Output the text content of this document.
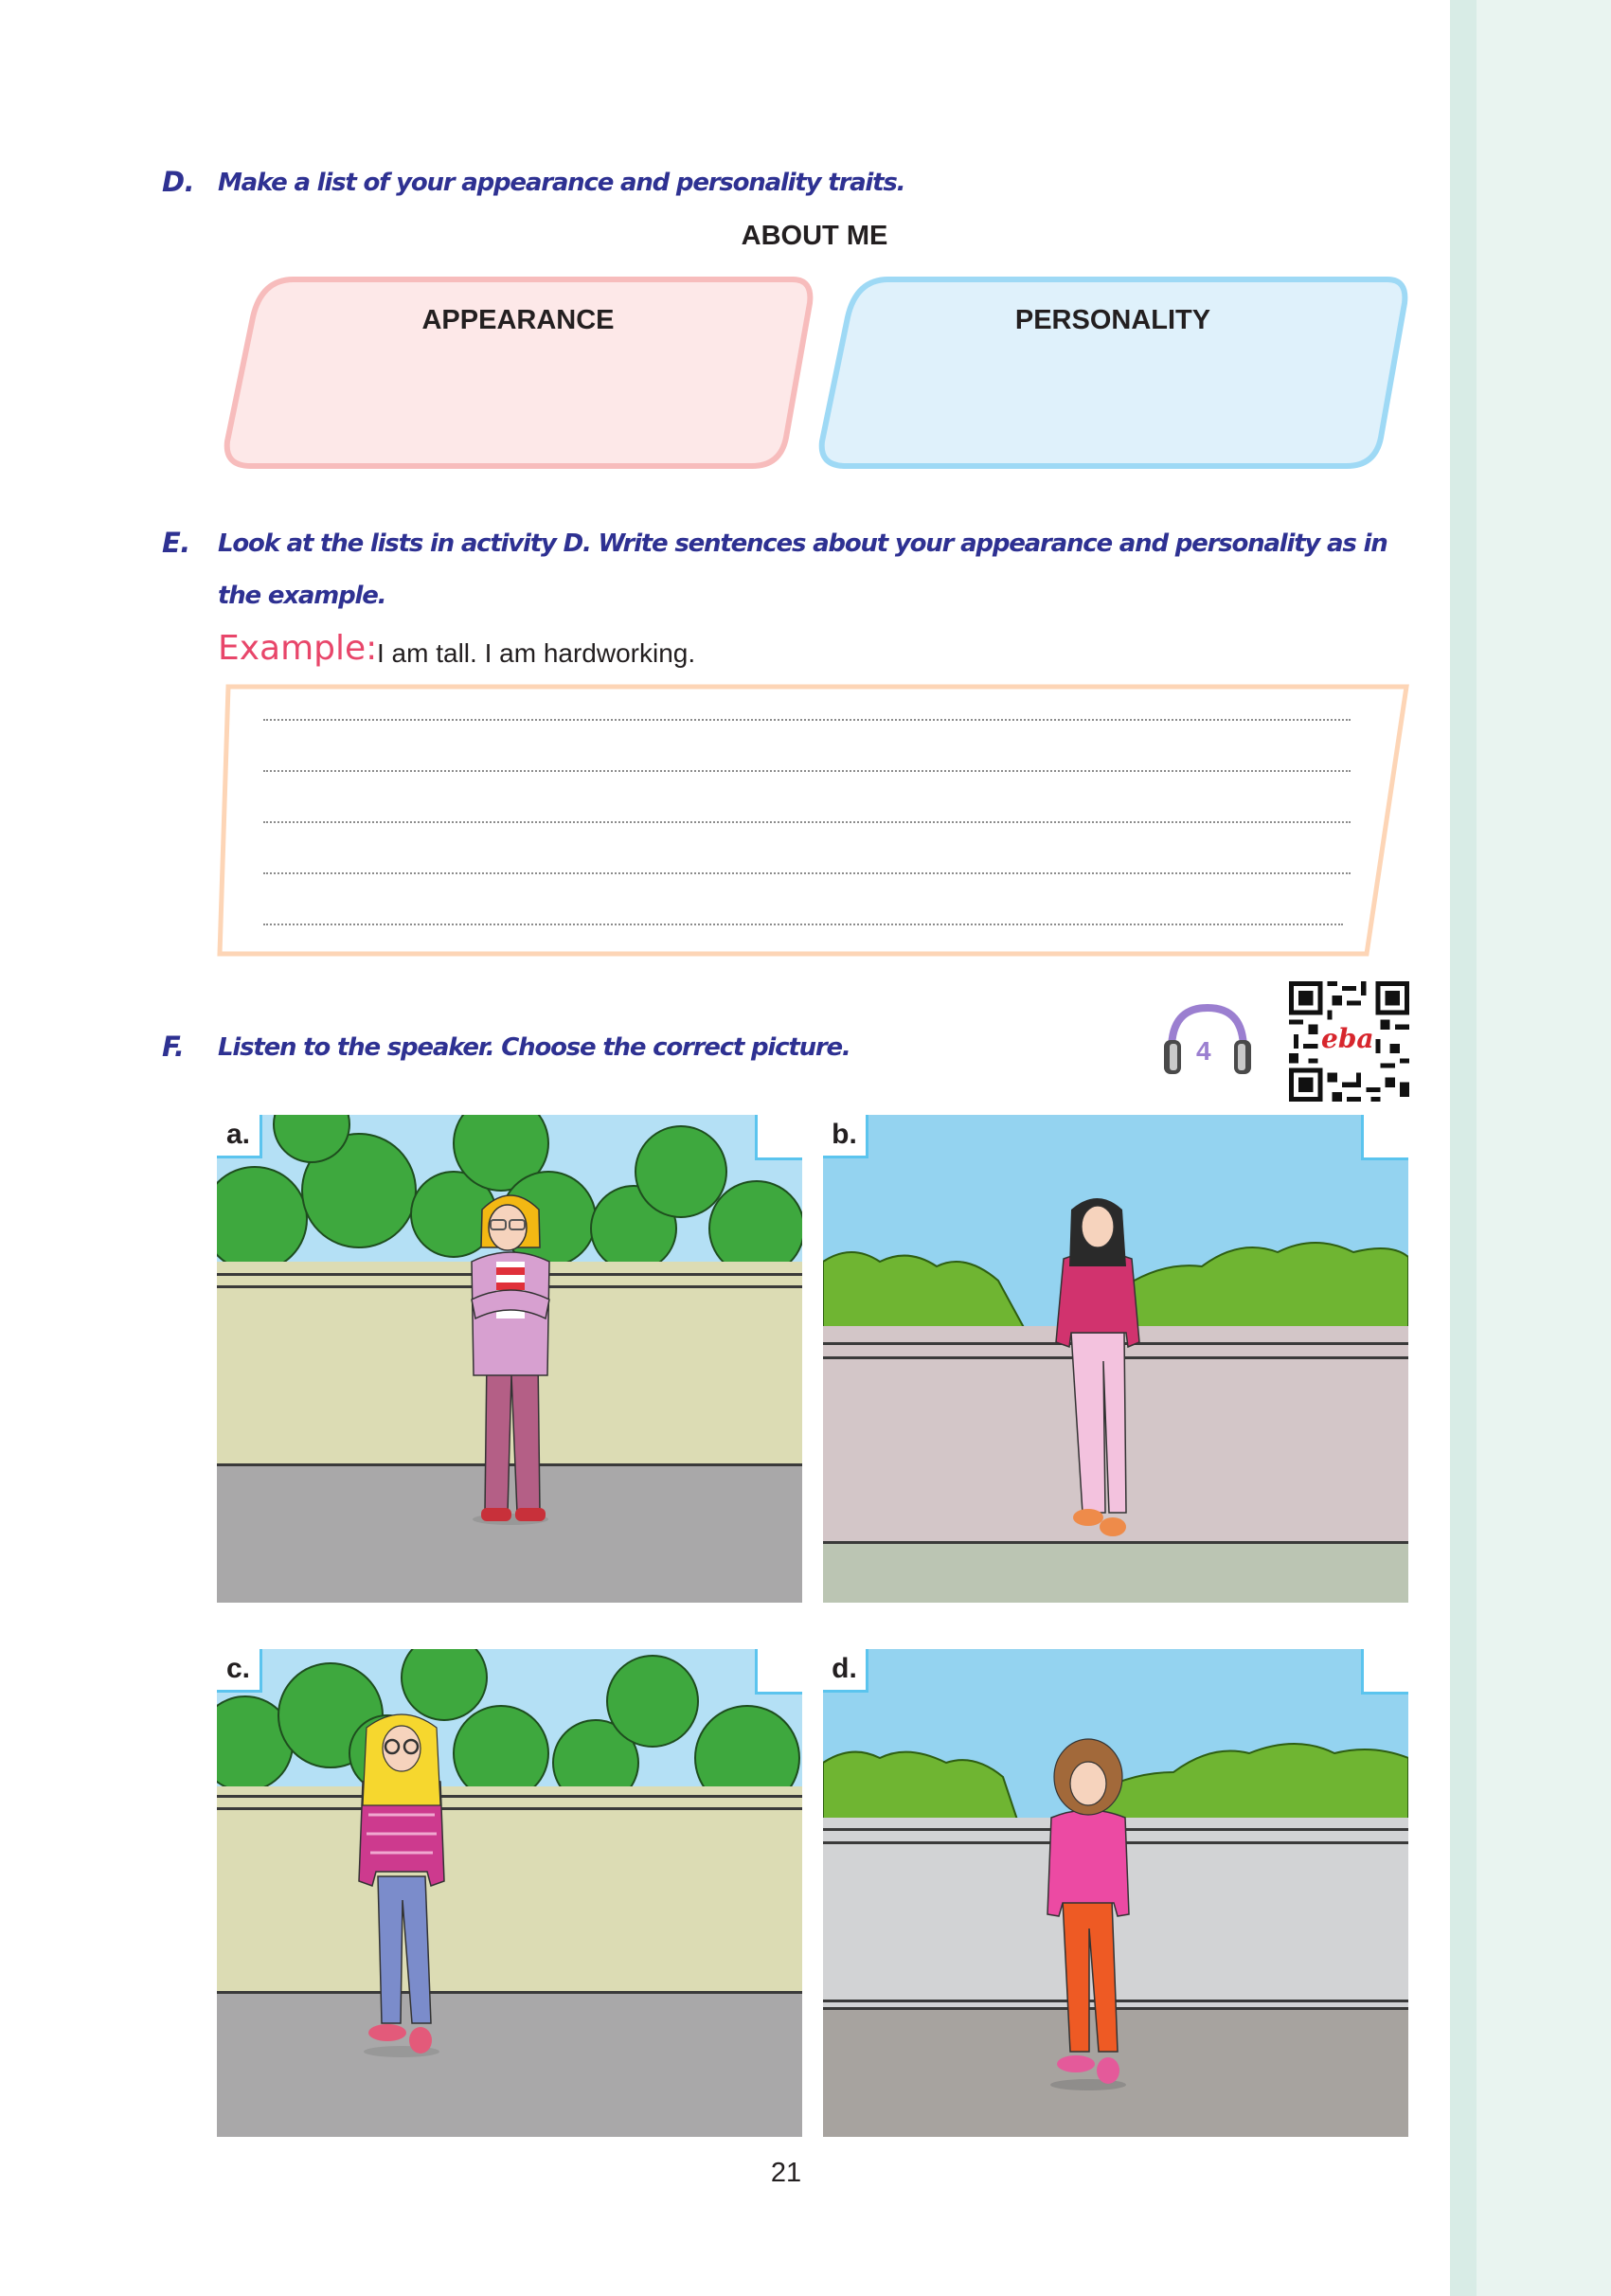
D. Make a list of your appearance and personality traits.
ABOUT ME
APPEARANCE	PERSONALITY
E. Look at the lists in activity D. Write sentences about your appearance and personality as in
the example.
Example: I am tall. I am hardworking.
F. Listen to the speaker. Choose the correct picture.	4	eba
a.	b.
c.	d.
21
